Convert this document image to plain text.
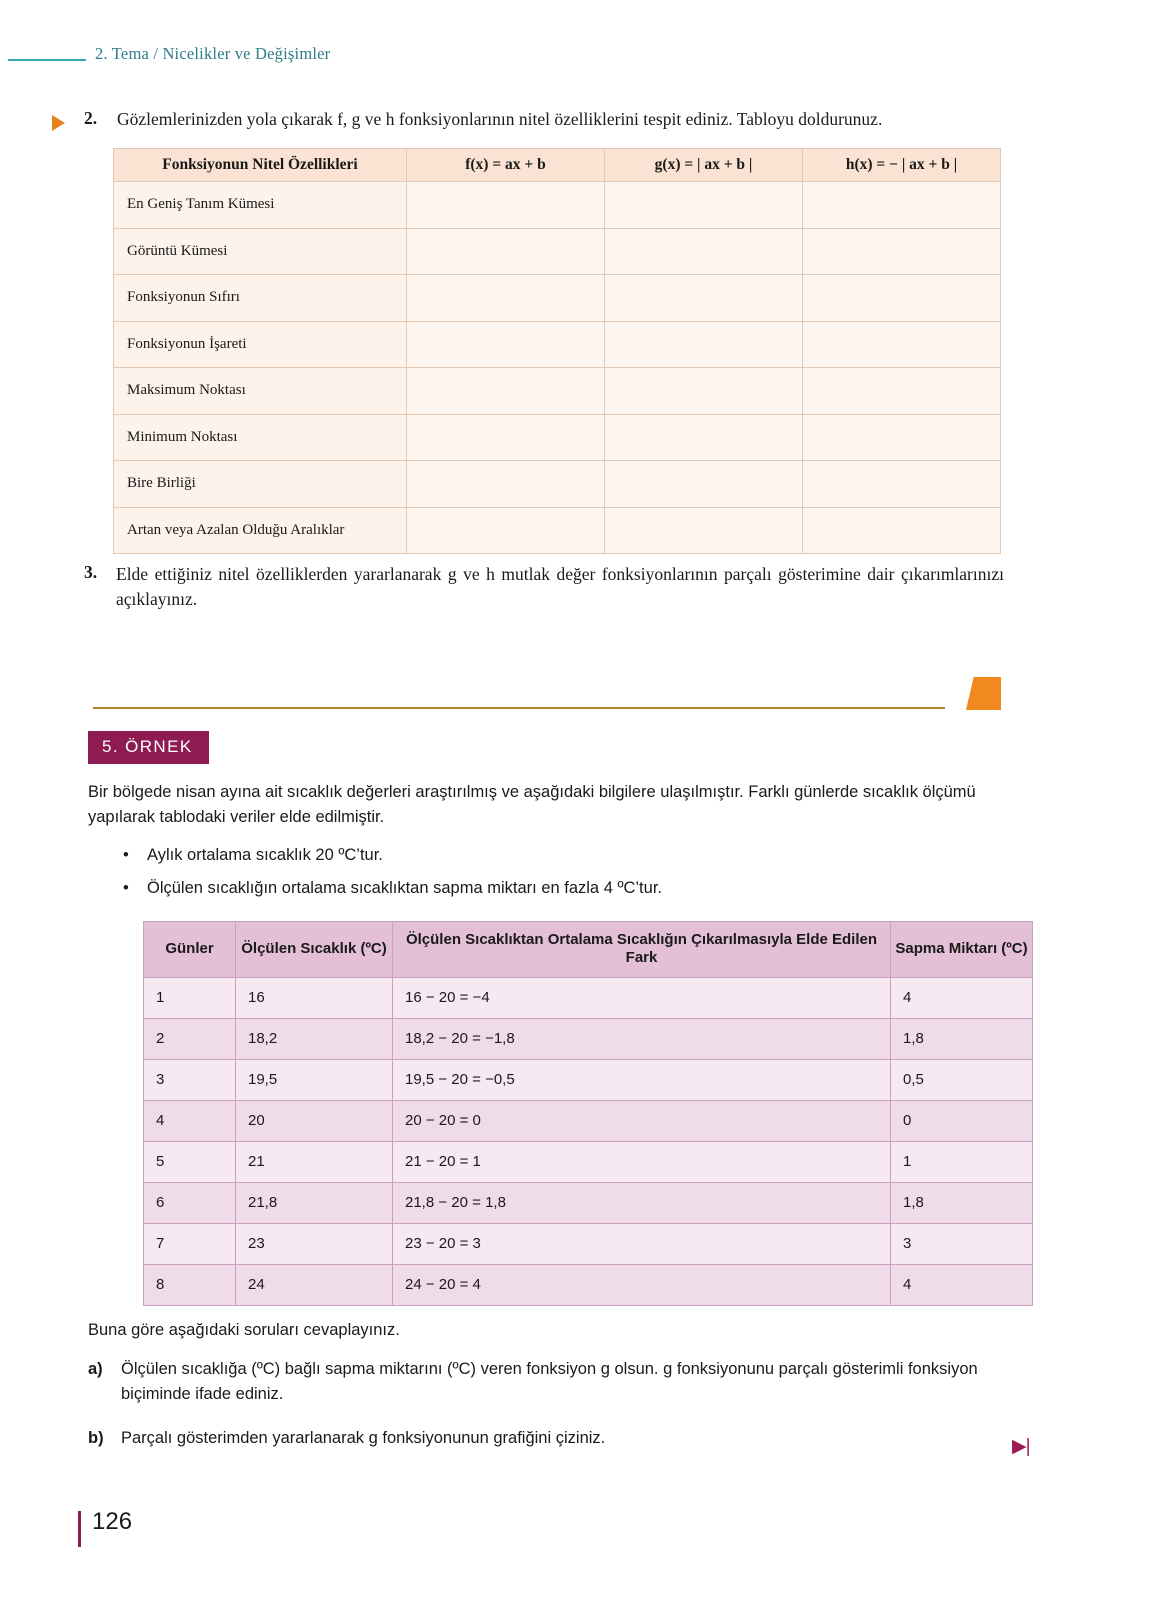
2. Tema / Nicelikler ve Değişimler
2. Gözlemlerinizden yola çıkarak f, g ve h fonksiyonlarının nitel özelliklerini tespit ediniz. Tabloyu doldurunuz.
Fonksiyonun Nitel Özellikleri	f(x) = ax + b	g(x) = | ax + b |	h(x) = − | ax + b |
En Geniş Tanım Kümesi			
Görüntü Kümesi			
Fonksiyonun Sıfırı			
Fonksiyonun İşareti			
Maksimum Noktası			
Minimum Noktası			
Bire Birliği			
Artan veya Azalan Olduğu Aralıklar			
3. Elde ettiğiniz nitel özelliklerden yararlanarak g ve h mutlak değer fonksiyonlarının parçalı gösterimine dair çıkarımlarınızı açıklayınız.
5. ÖRNEK
Bir bölgede nisan ayına ait sıcaklık değerleri araştırılmış ve aşağıdaki bilgilere ulaşılmıştır. Farklı günlerde sıcaklık ölçümü yapılarak tablodaki veriler elde edilmiştir.
• Aylık ortalama sıcaklık 20 ºC’tur.
• Ölçülen sıcaklığın ortalama sıcaklıktan sapma miktarı en fazla 4 ºC’tur.
Günler	Ölçülen Sıcaklık (ºC)	Ölçülen Sıcaklıktan Ortalama Sıcaklığın Çıkarılmasıyla Elde Edilen Fark	Sapma Miktarı (ºC)
1	16	16 − 20 = −4	4
2	18,2	18,2 − 20 = −1,8	1,8
3	19,5	19,5 − 20 = −0,5	0,5
4	20	20 − 20 = 0	0
5	21	21 − 20 = 1	1
6	21,8	21,8 − 20 = 1,8	1,8
7	23	23 − 20 = 3	3
8	24	24 − 20 = 4	4
Buna göre aşağıdaki soruları cevaplayınız.
a) Ölçülen sıcaklığa (ºC) bağlı sapma miktarını (ºC) veren fonksiyon g olsun. g fonksiyonunu parçalı gösterimli fonksiyon biçiminde ifade ediniz.
b) Parçalı gösterimden yararlanarak g fonksiyonunun grafiğini çiziniz.	▶|
126
